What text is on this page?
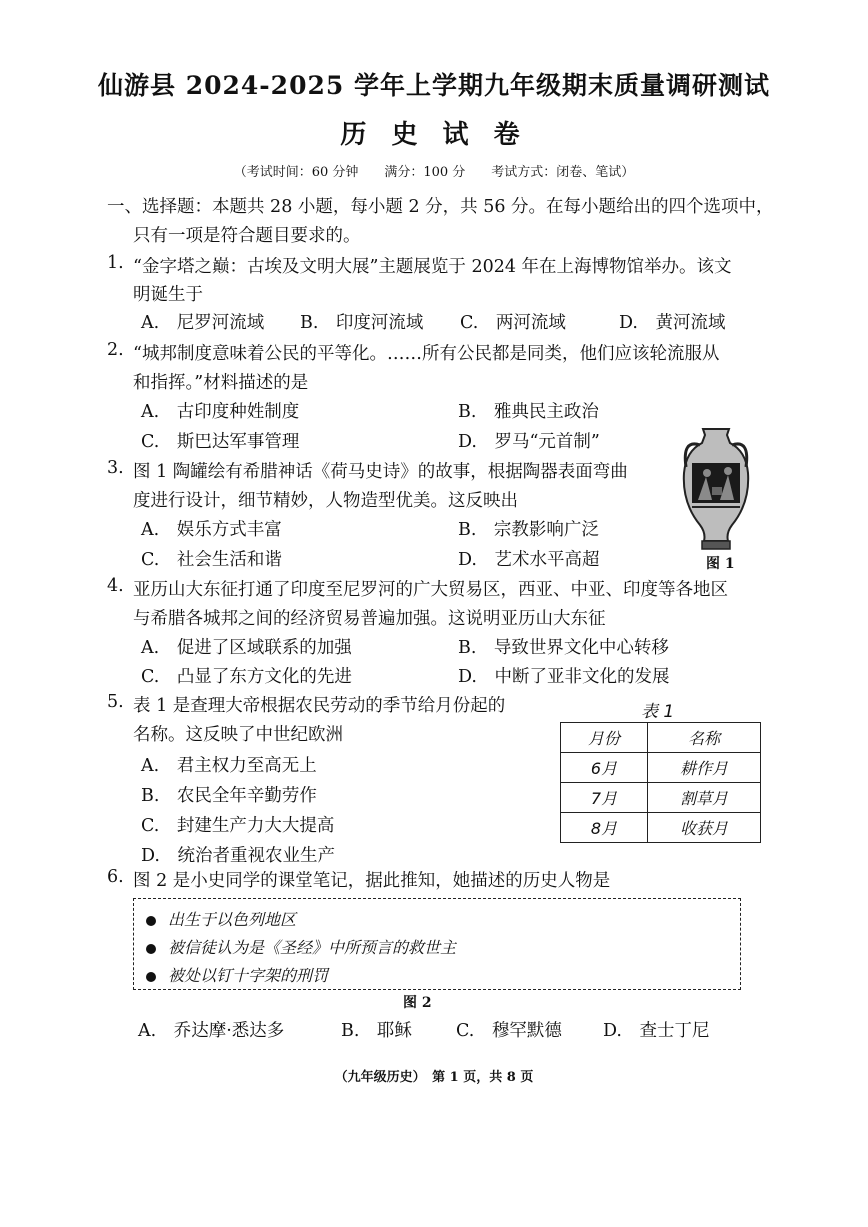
仙游县 2024-2025 学年上学期九年级期末质量调研测试
历 史 试 卷
（考试时间：60 分钟　　满分：100 分　　考试方式：闭卷、笔试）
一、选择题：本题共 28 小题，每小题 2 分，共 56 分。在每小题给出的四个选项中，
只有一项是符合题目要求的。
1. “金字塔之巅：古埃及文明大展”主题展览于 2024 年在上海博物馆举办。该文
明诞生于
A.　尼罗河流域 B.　印度河流域 C.　两河流域	D.　黄河流域
2. “城邦制度意味着公民的平等化。……所有公民都是同类，他们应该轮流服从
和指挥。”材料描述的是
A.　古印度种姓制度	B.　雅典民主政治
C.　斯巴达军事管理	D.　罗马“元首制”
3. 图 1 陶罐绘有希腊神话《荷马史诗》的故事，根据陶器表面弯曲
度进行设计，细节精妙，人物造型优美。这反映出
A.　娱乐方式丰富	B.　宗教影响广泛
C.　社会生活和谐	D.　艺术水平高超	图 1
4. 亚历山大东征打通了印度至尼罗河的广大贸易区，西亚、中亚、印度等各地区
与希腊各城邦之间的经济贸易普遍加强。这说明亚历山大东征
A.　促进了区域联系的加强	B.　导致世界文化中心转移
C.　凸显了东方文化的先进	D.　中断了亚非文化的发展
5. 表 1 是查理大帝根据农民劳动的季节给月份起的
名称。这反映了中世纪欧洲
A.　君主权力至高无上
B.　农民全年辛勤劳作
C.　封建生产力大大提高
D.　统治者重视农业生产
表 1
月份	名称
6月	耕作月
7月	割草月
8月	收获月
6. 图 2 是小史同学的课堂笔记，据此推知，她描述的历史人物是
出生于以色列地区
被信徒认为是《圣经》中所预言的救世主
被处以钉十字架的刑罚
图 2
A.　乔达摩·悉达多	B.　耶稣	C.　穆罕默德 D.　查士丁尼
（九年级历史）　第 1 页，共 8 页
